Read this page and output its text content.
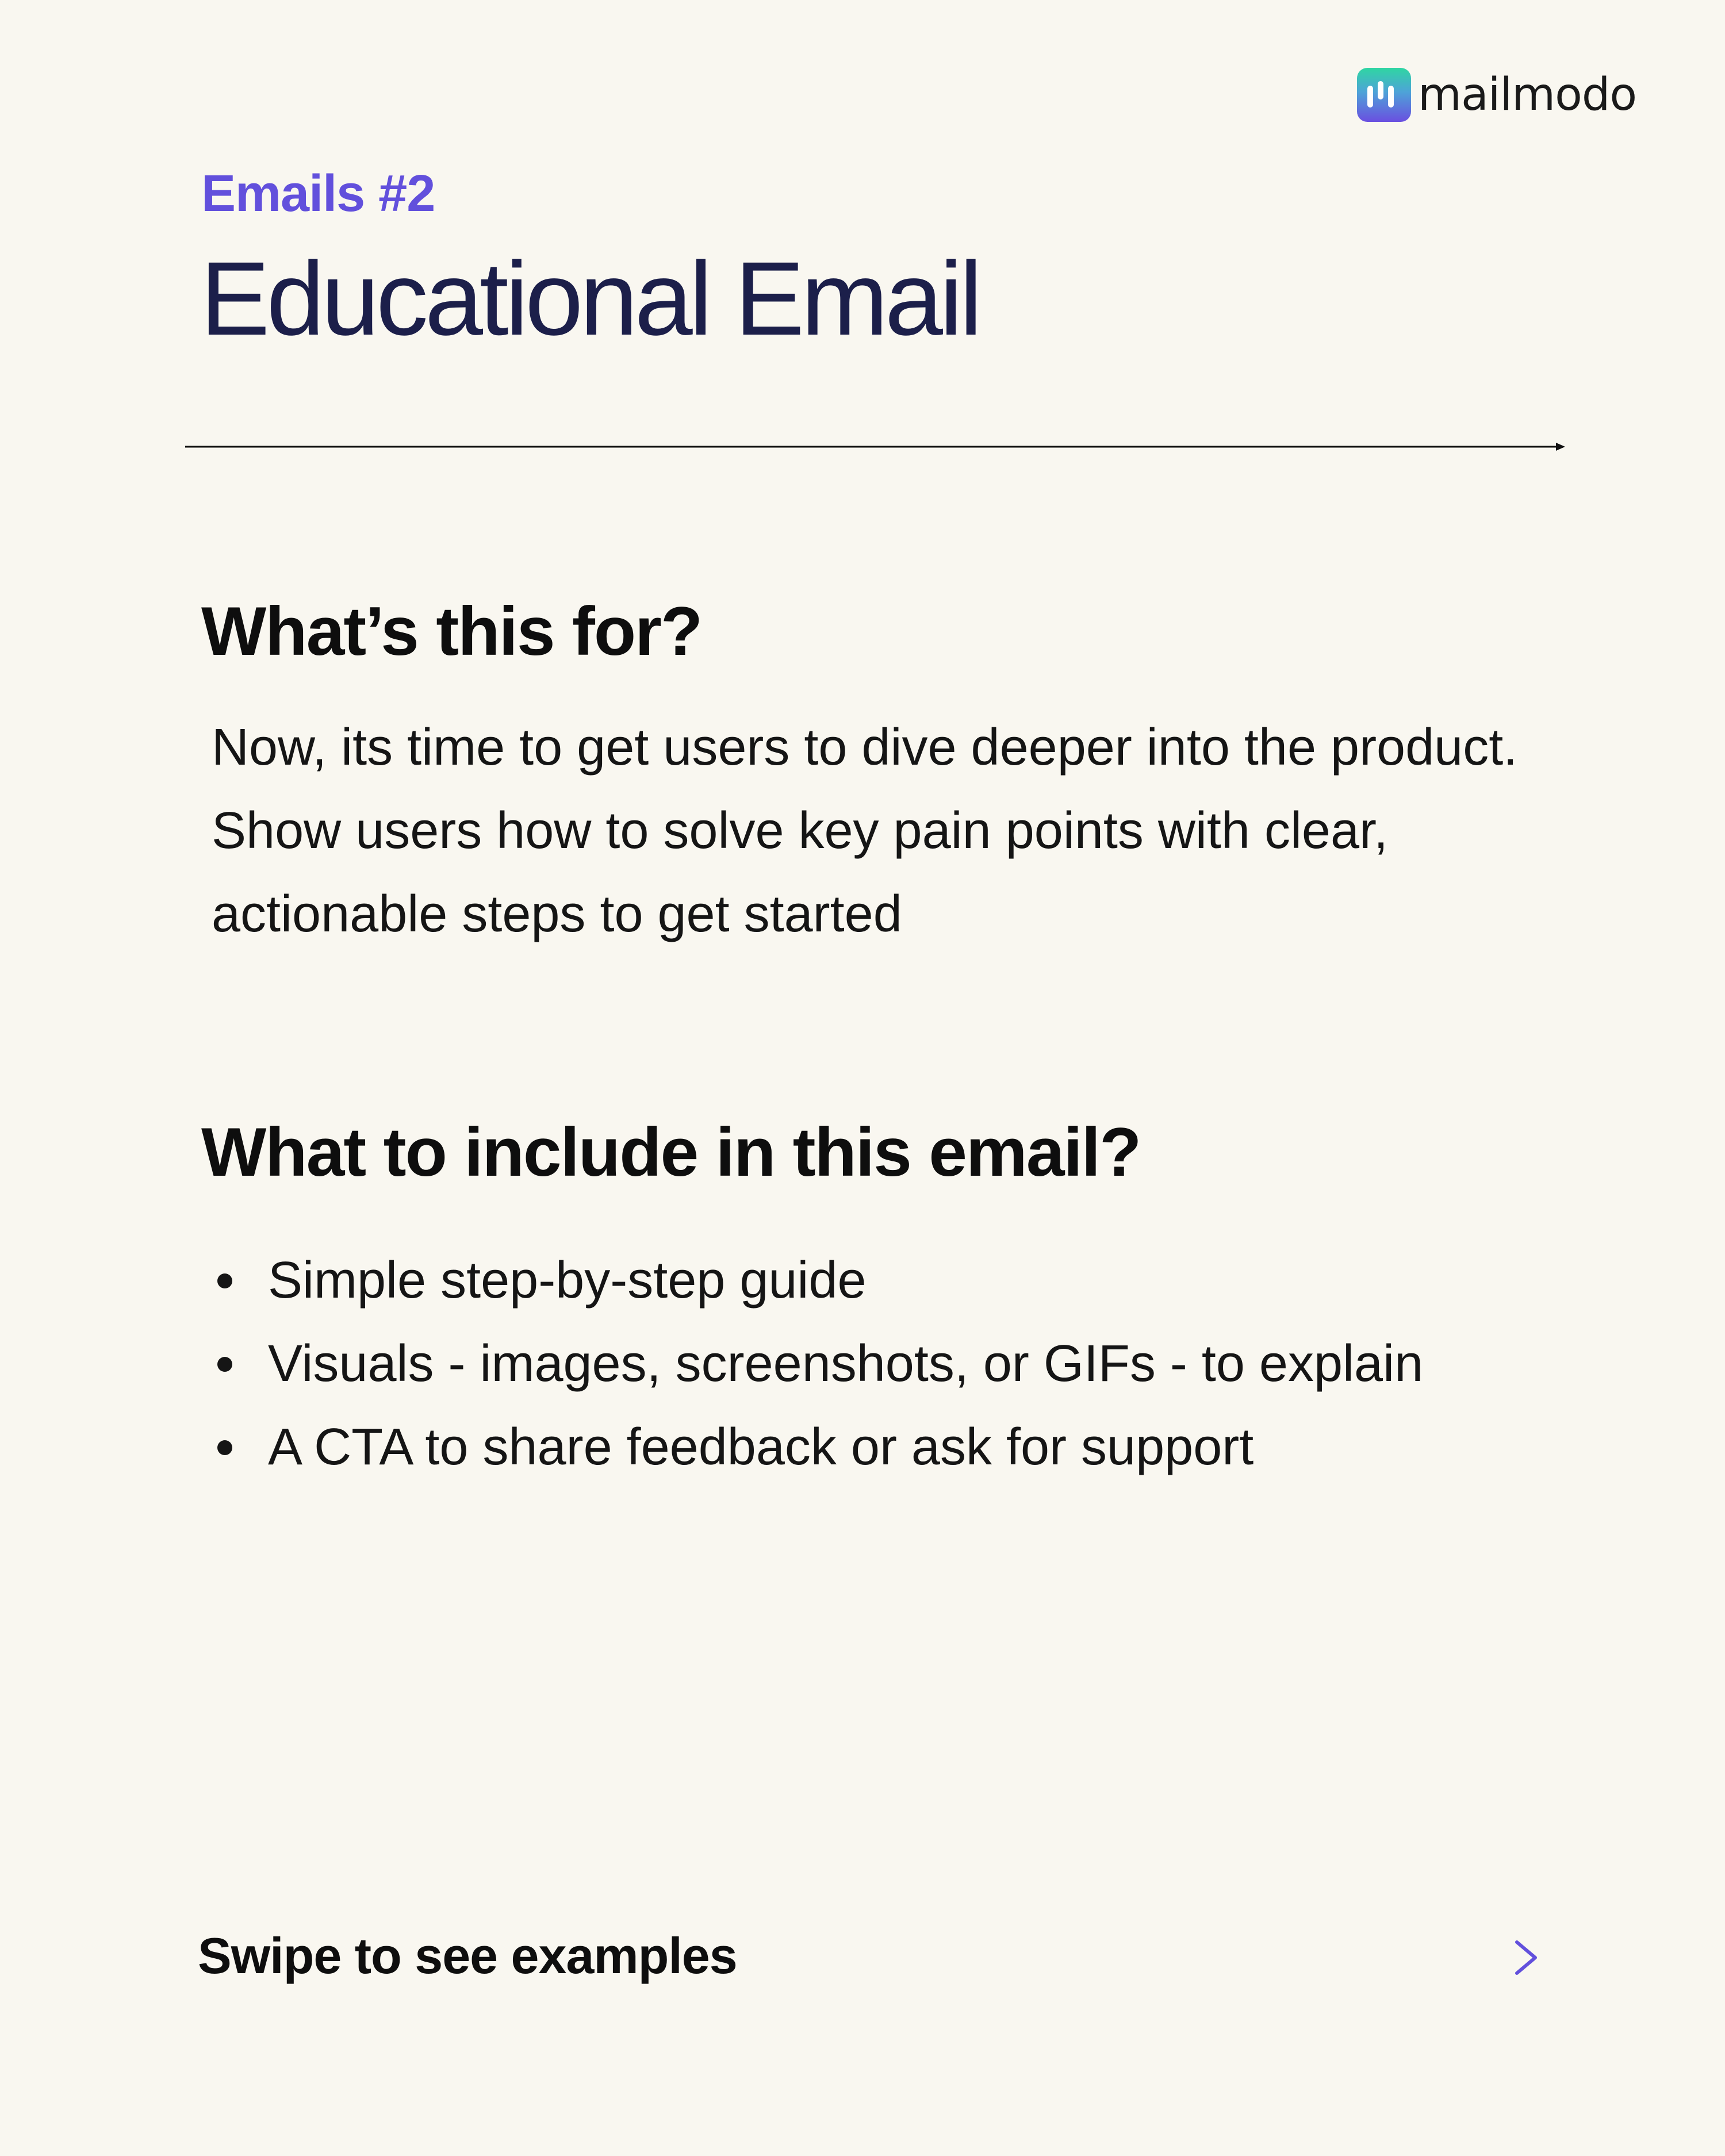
mailmodo
Emails #2
Educational Email
What’s this for?

Now, its time to get users to dive deeper into the product. Show users how to solve key pain points with clear, actionable steps to get started

What to include in this email?
Simple step-by-step guide
Visuals - images, screenshots, or GIFs - to explain
A CTA to share feedback or ask for support
Swipe to see examples
